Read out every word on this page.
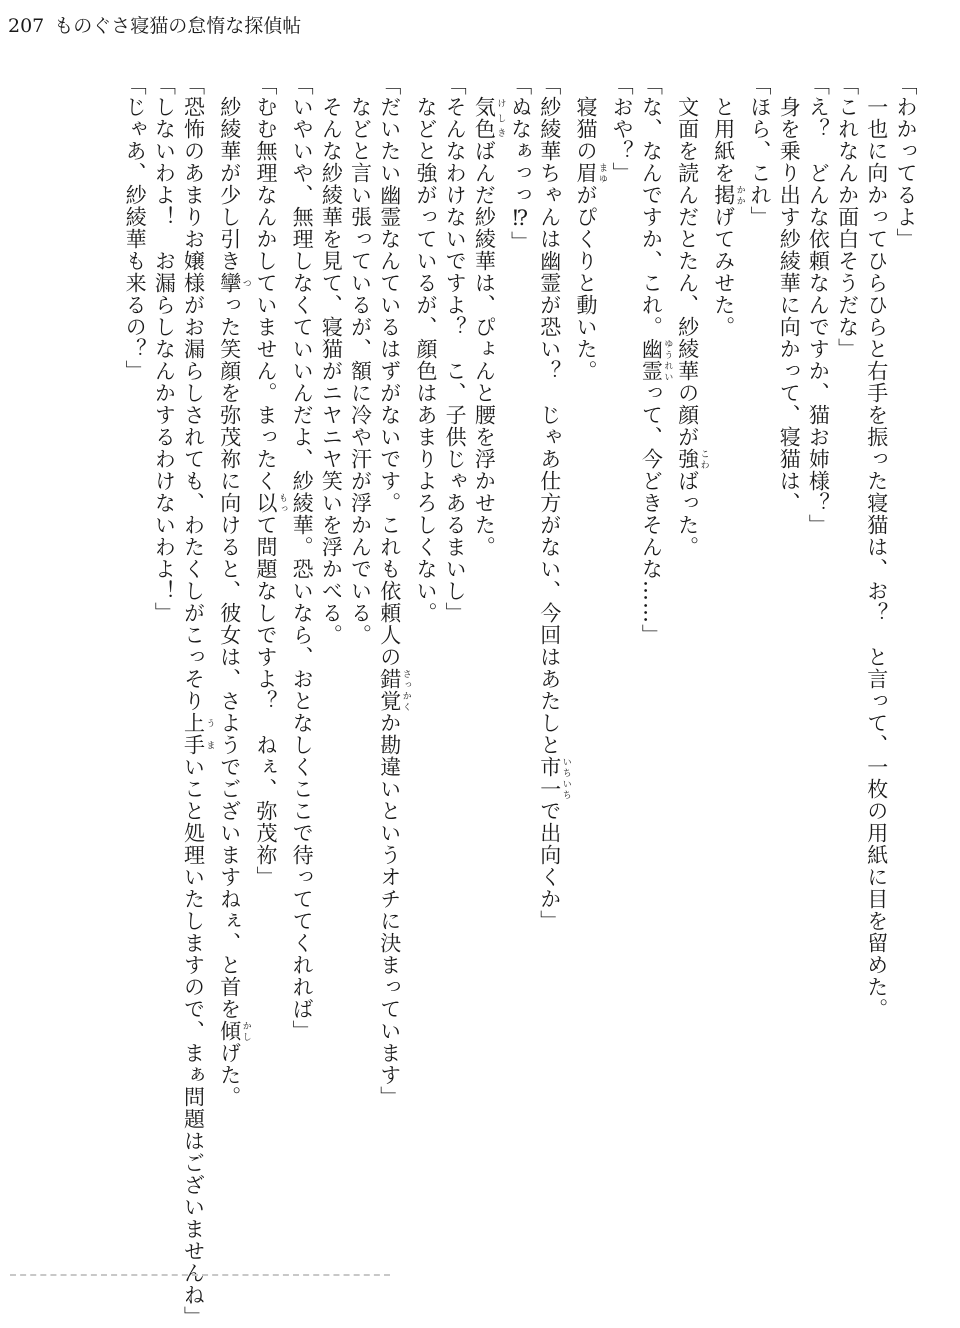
207 ものぐさ寝猫の怠惰な探偵帖

「わかってるよ」

　一也に向かってひらひらと右手を振った寝猫は、お？　と言って、一枚の用紙に目を留めた。

「これなんか面白そうだな」

「え？　どんな依頼なんですか、猫お姉様？」

　身を乗り出す紗綾華に向かって、寝猫は、

「ほら、これ」

　と用紙を掲 かかげてみせた。

　文面を読んだとたん、紗綾華の顔が強 こわばった。

「な、なんですか、これ。幽霊 ゆうれいって、今どきそんな……」

「おや？」

　寝猫の眉 まゆがぴくりと動いた。

「紗綾華ちゃんは幽霊が恐い？　じゃあ仕方がない、今回はあたしと市一 いちいちで出向くか」

「ぬなぁっっ⁉」

　気色 けしきばんだ紗綾華は、ぴょんと腰を浮かせた。

「そんなわけないですよ？　こ、子供じゃあるまいし」

　などと強がっているが、顔色はあまりよろしくない。

「だいたい幽霊なんているはずがないです。これも依頼人の錯覚 さっかくか勘違いというオチに決まっています」

　などと言い張っているが、額に冷や汗が浮かんでいる。

　そんな紗綾華を見て、寝猫がニヤニヤ笑いを浮かべる。

「いやいや、無理しなくていいんだよ、紗綾華。恐いなら、おとなしくここで待っててくれれば」

「むむ無理なんかしていません。まったく以 もって問題なしですよ？　ねぇ、弥茂祢」

　紗綾華が少し引き攣 つった笑顔を弥茂祢に向けると、彼女は、さようでございますねぇ、と首を傾 かしげた。

「恐怖のあまりお嬢様がお漏らしされても、わたくしがこっそり上手 うまいこと処理いたしますので、まぁ問題はございませんね」

「しないわよ！　お漏らしなんかするわけないわよ！」

「じゃあ、紗綾華も来るの？」
